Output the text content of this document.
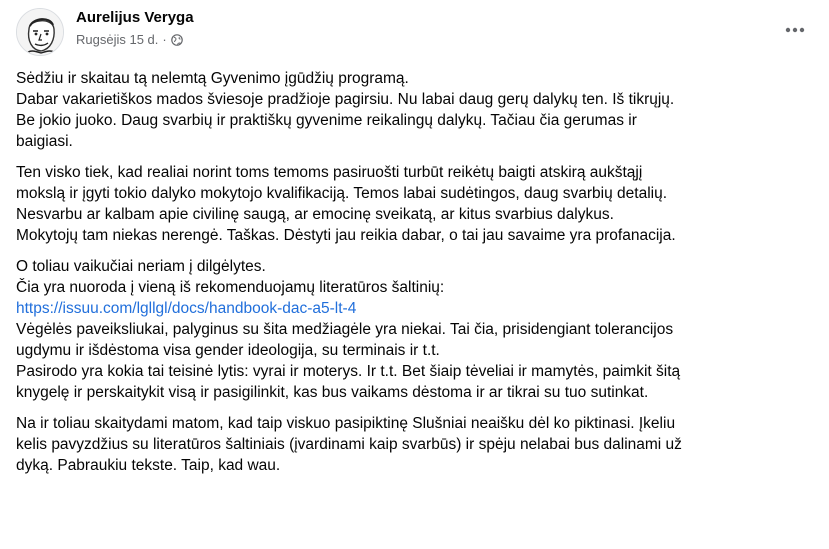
Aurelijus Veryga
Rugsėjis 15 d. ·
Sėdžiu ir skaitau tą nelemtą Gyvenimo įgūdžių programą.
Dabar vakarietiškos mados šviesoje pradžioje pagirsiu. Nu labai daug gerų dalykų ten. Iš tikrųjų.
Be jokio juoko. Daug svarbių ir praktiškų gyvenime reikalingų dalykų. Tačiau čia gerumas ir
baigiasi.
Ten visko tiek, kad realiai norint toms temoms pasiruošti turbūt reikėtų baigti atskirą aukštąjį
mokslą ir įgyti tokio dalyko mokytojo kvalifikaciją. Temos labai sudėtingos, daug svarbių detalių.
Nesvarbu ar kalbam apie civilinę saugą, ar emocinę sveikatą, ar kitus svarbius dalykus.
Mokytojų tam niekas nerengė. Taškas. Dėstyti jau reikia dabar, o tai jau savaime yra profanacija.
O toliau vaikučiai neriam į dilgėlytes.
Čia yra nuoroda į vieną iš rekomenduojamų literatūros šaltinių:
https://issuu.com/lgllgl/docs/handbook-dac-a5-lt-4
Vėgėlės paveiksliukai, palyginus su šita medžiagėle yra niekai. Tai čia, prisidengiant tolerancijos
ugdymu ir išdėstoma visa gender ideologija, su terminais ir t.t.
Pasirodo yra kokia tai teisinė lytis: vyrai ir moterys. Ir t.t. Bet šiaip tėveliai ir mamytės, paimkit šitą
knygelę ir perskaitykit visą ir pasigilinkit, kas bus vaikams dėstoma ir ar tikrai su tuo sutinkat.
Na ir toliau skaitydami matom, kad taip viskuo pasipiktinę Slušniai neaišku dėl ko piktinasi. Įkeliu
kelis pavyzdžius su literatūros šaltiniais (įvardinami kaip svarbūs) ir spėju nelabai bus dalinami už
dyką. Pabraukiu tekste. Taip, kad wau.
